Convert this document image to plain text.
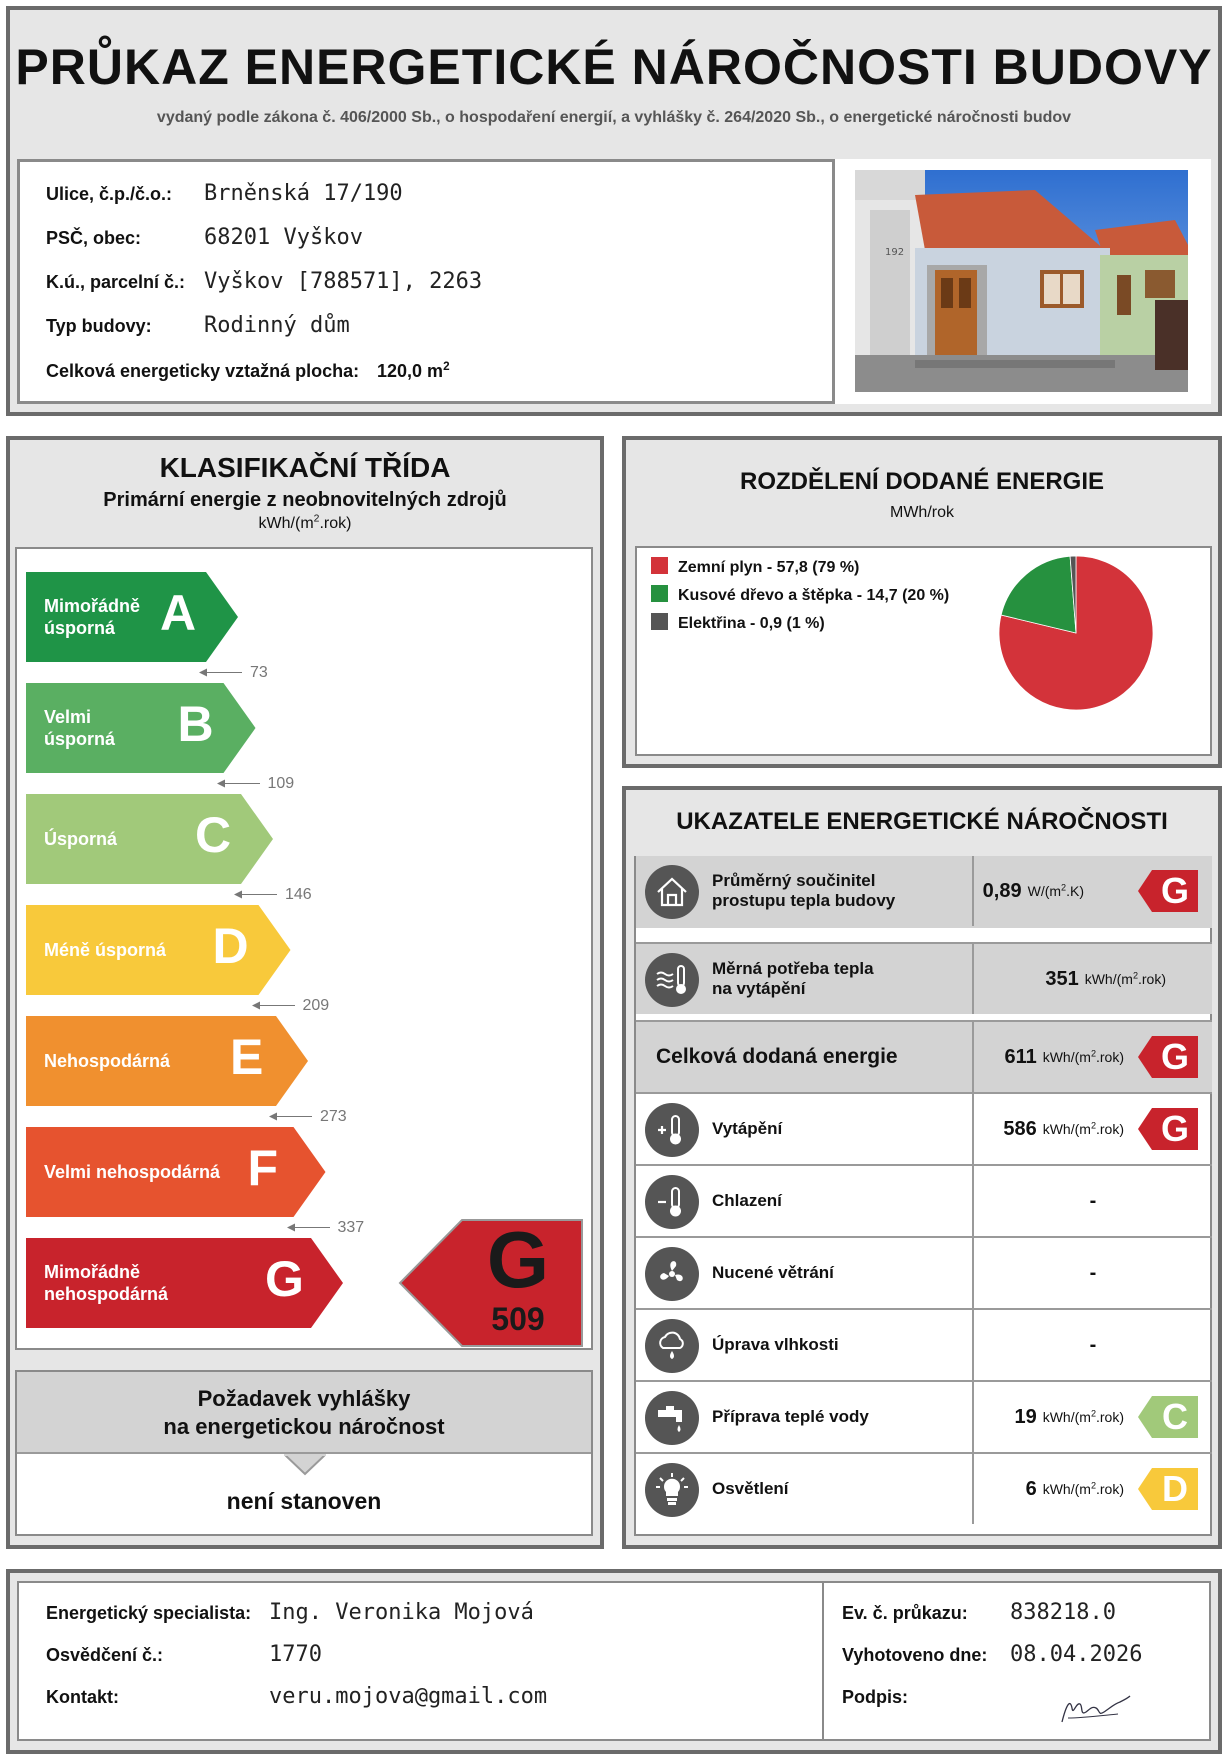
PRŮKAZ ENERGETICKÉ NÁROČNOSTI BUDOVY
vydaný podle zákona č. 406/2000 Sb., o hospodaření energií, a vyhlášky č. 264/2020 Sb., o energetické náročnosti budov
Ulice, č.p./č.o.: Brněnská 17/190
PSČ, obec:	68201 Vyškov
K.ú., parcelní č.: Vyškov [788571], 2263
Typ budovy: Rodinný dům
Celková energeticky vztažná plocha: 120,0 $m^2$
192
KLASIFIKAČNÍ TŘÍDA
Primární energie z neobnovitelných zdrojů
kWh/$(m^2.rok)$
Mimořádně úsporná A
73
Velmi úsporná	B
109
Úsporná	C
146
Méně úsporná D
209
Nehospodárná	E
273
Velmi nehospodárná F
337
Mimořádně nehospodárná	G	G
509
Požadavek vyhlášky
na energetickou náročnost
není stanoven
ROZDĚLENÍ DODANÉ ENERGIE
MWh/rok
Zemní plyn - 57,8 (79 %)
Kusové dřevo a štěpka - 14,7 (20 %)
Elektřina - 0,9 (1 %)
UKAZATELE ENERGETICKÉ NÁROČNOSTI
Průměrný součinitel
prostupu tepla budovy	0,89 $W/(m^2.K)$ G
Měrná potřeba tepla
na vytápění	351 kWh/$(m^2.rok)$
Celková dodaná energie	611 kWh/$(m^2.rok)$ G
Vytápění	586 kWh/$(m^2.rok)$ G
Chlazení	-
Nucené větrání	-
Úprava vlhkosti	-
Příprava teplé vody	19 kWh/$(m^2.rok)$ C
Osvětlení	6 kWh/$(m^2.rok)$ D
Energetický specialista: Ing. Veronika Mojová
Osvědčení č.:	1770
Kontakt:	veru.mojova@gmail.com
Ev. č. průkazu: 838218.0
Vyhotoveno dne: 08.04.2026
Podpis:
